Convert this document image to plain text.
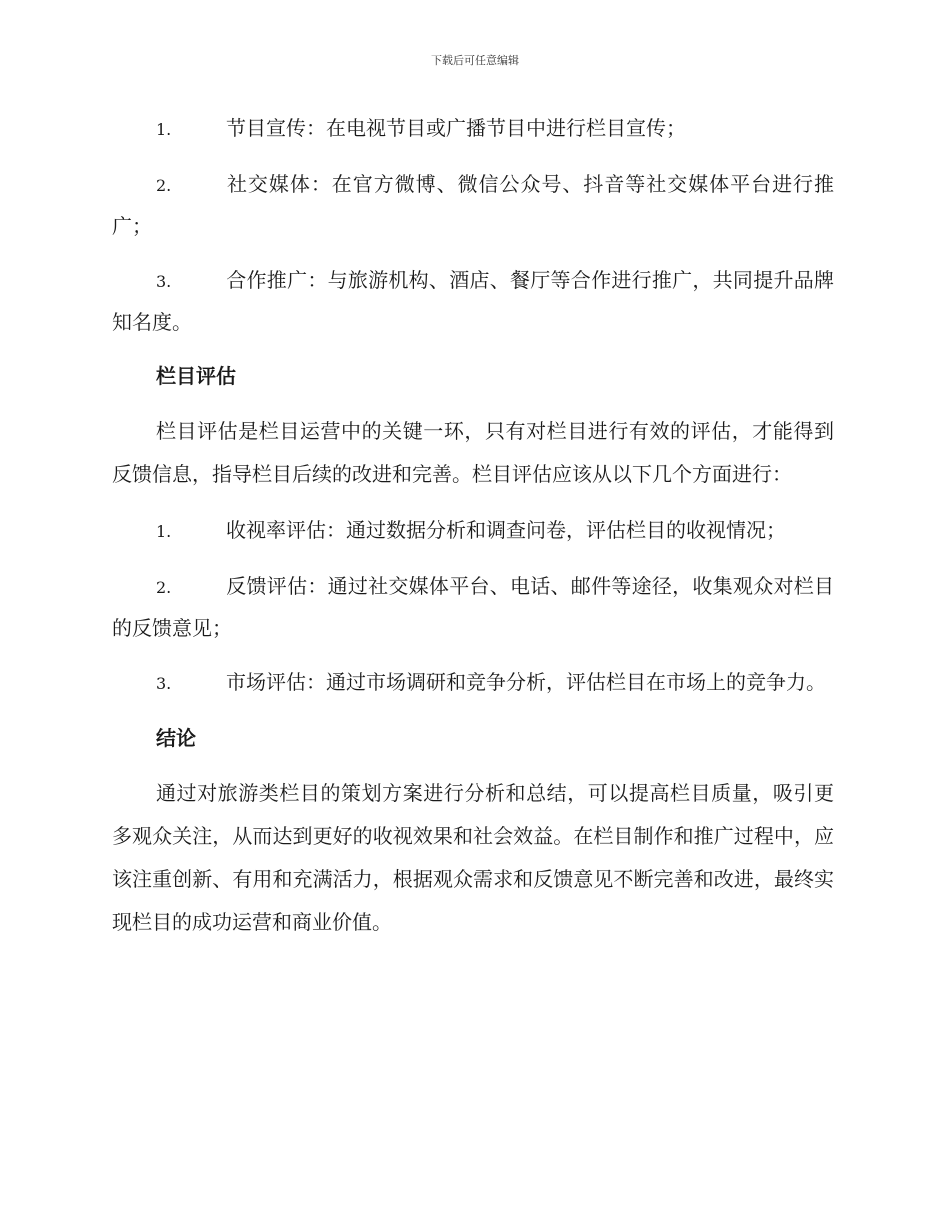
下载后可任意编辑
1.	节目宣传：在电视节目或广播节目中进行栏目宣传；
2.	社交媒体：在官方微博、微信公众号、抖音等社交媒体平台进行推广；
3.	合作推广：与旅游机构、酒店、餐厅等合作进行推广，共同提升品牌知名度。
栏目评估
栏目评估是栏目运营中的关键一环，只有对栏目进行有效的评估，才能得到反馈信息，指导栏目后续的改进和完善。栏目评估应该从以下几个方面进行：
1.	收视率评估：通过数据分析和调查问卷，评估栏目的收视情况；
2.	反馈评估：通过社交媒体平台、电话、邮件等途径，收集观众对栏目的反馈意见；
3.	市场评估：通过市场调研和竞争分析，评估栏目在市场上的竞争力。
结论
通过对旅游类栏目的策划方案进行分析和总结，可以提高栏目质量，吸引更多观众关注，从而达到更好的收视效果和社会效益。在栏目制作和推广过程中，应该注重创新、有用和充满活力，根据观众需求和反馈意见不断完善和改进，最终实现栏目的成功运营和商业价值。
